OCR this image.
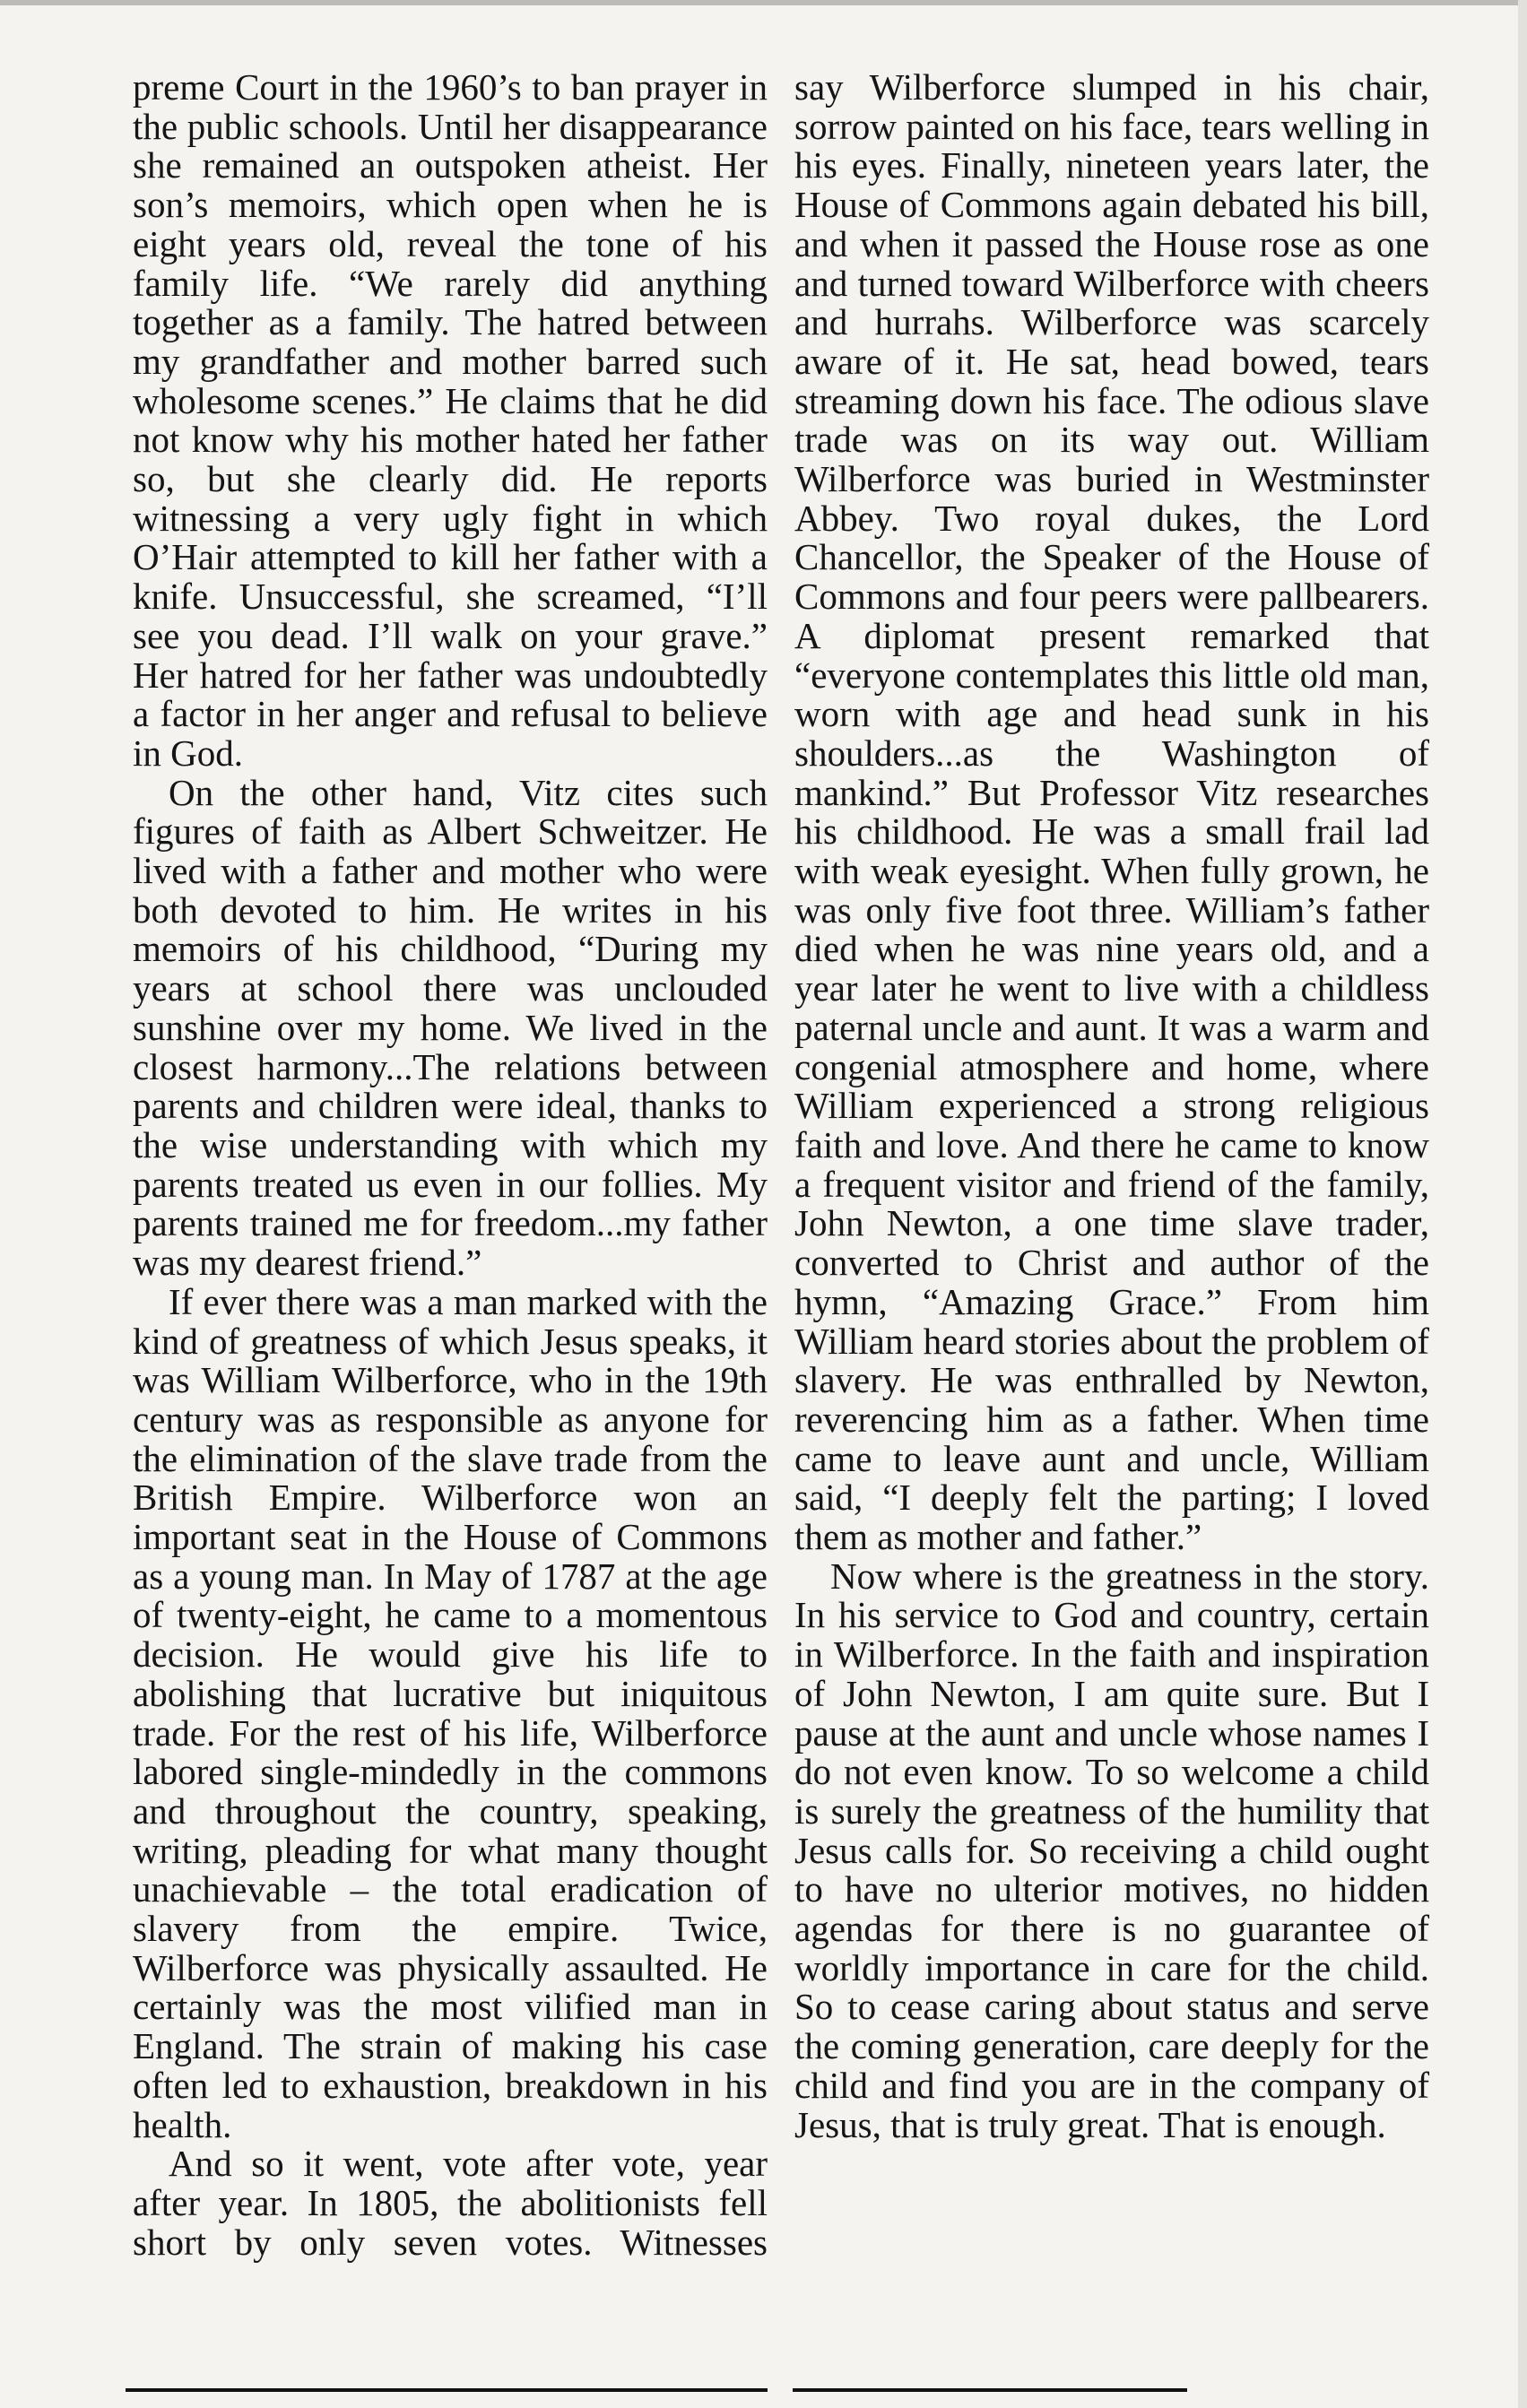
preme Court in the 1960’s to ban prayer in the public schools. Until her disappearance she remained an outspoken atheist. Her son’s memoirs, which open when he is eight years old, reveal the tone of his family life. “We rarely did anything together as a family. The hatred between my grandfather and mother barred such wholesome scenes.” He claims that he did not know why his mother hated her father so, but she clearly did. He reports witnessing a very ugly fight in which O’Hair attempted to kill her father with a knife. Unsuccessful, she screamed, “I’ll see you dead. I’ll walk on your grave.” Her hatred for her father was undoubtedly a factor in her anger and refusal to believe in God.

On the other hand, Vitz cites such figures of faith as Albert Schweitzer. He lived with a father and mother who were both devoted to him. He writes in his memoirs of his childhood, “During my years at school there was unclouded sunshine over my home. We lived in the closest harmony...The relations between parents and children were ideal, thanks to the wise understanding with which my parents treated us even in our follies. My parents trained me for freedom...my father was my dearest friend.”

If ever there was a man marked with the kind of greatness of which Jesus speaks, it was William Wilberforce, who in the 19th century was as responsible as anyone for the elimination of the slave trade from the British Empire. Wilberforce won an important seat in the House of Commons as a young man. In May of 1787 at the age of twenty-eight, he came to a momentous decision. He would give his life to abolishing that lucrative but iniquitous trade. For the rest of his life, Wilberforce labored single-mindedly in the commons and throughout the country, speaking, writing, pleading for what many thought unachievable – the total eradication of slavery from the empire. Twice, Wilberforce was physically assaulted. He certainly was the most vilified man in England. The strain of making his case often led to exhaustion, breakdown in his health.

And so it went, vote after vote, year after year. In 1805, the abolitionists fell short by only seven votes. Witnesses

say Wilberforce slumped in his chair, sorrow painted on his face, tears welling in his eyes. Finally, nineteen years later, the House of Commons again debated his bill, and when it passed the House rose as one and turned toward Wilberforce with cheers and hurrahs. Wilberforce was scarcely aware of it. He sat, head bowed, tears streaming down his face. The odious slave trade was on its way out. William Wilberforce was buried in Westminster Abbey. Two royal dukes, the Lord Chancellor, the Speaker of the House of Commons and four peers were pallbearers. A diplomat present remarked that “everyone contemplates this little old man, worn with age and head sunk in his shoulders...as the Washington of mankind.” But Professor Vitz researches his childhood. He was a small frail lad with weak eyesight. When fully grown, he was only five foot three. William’s father died when he was nine years old, and a year later he went to live with a childless paternal uncle and aunt. It was a warm and congenial atmosphere and home, where William experienced a strong religious faith and love. And there he came to know a frequent visitor and friend of the family, John Newton, a one time slave trader, converted to Christ and author of the hymn, “Amazing Grace.” From him William heard stories about the problem of slavery. He was enthralled by Newton, reverencing him as a father. When time came to leave aunt and uncle, William said, “I deeply felt the parting; I loved them as mother and father.”

Now where is the greatness in the story. In his service to God and country, certain in Wilberforce. In the faith and inspiration of John Newton, I am quite sure. But I pause at the aunt and uncle whose names I do not even know. To so welcome a child is surely the greatness of the humility that Jesus calls for. So receiving a child ought to have no ulterior motives, no hidden agendas for there is no guarantee of worldly importance in care for the child. So to cease caring about status and serve the coming generation, care deeply for the child and find you are in the company of Jesus, that is truly great. That is enough.
